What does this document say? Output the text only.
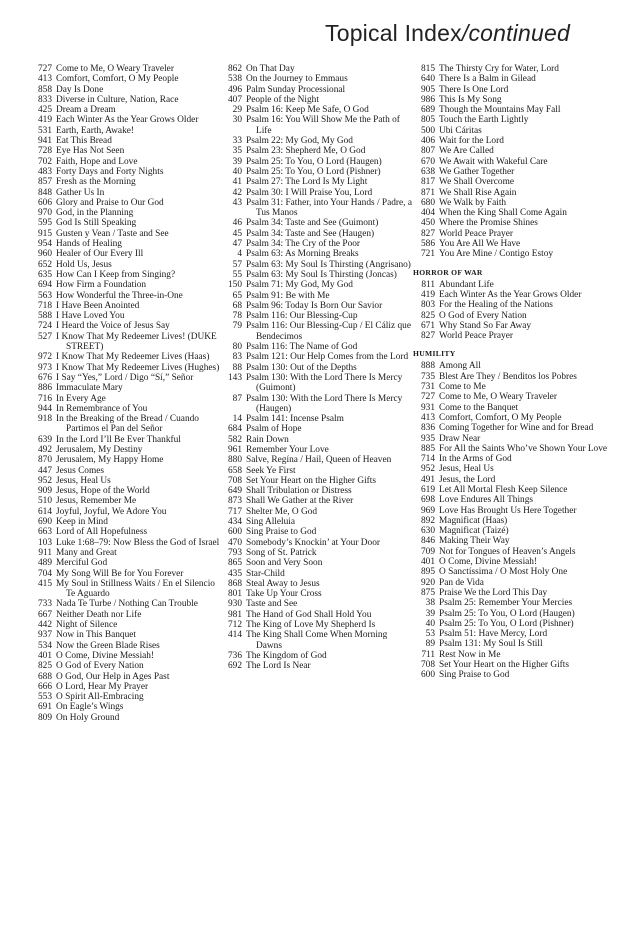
Topical Index/continued
727 Come to Me, O Weary Traveler
413 Comfort, Comfort, O My People
858 Day Is Done
833 Diverse in Culture, Nation, Race
425 Dream a Dream
419 Each Winter As the Year Grows Older
531 Earth, Earth, Awake!
941 Eat This Bread
728 Eye Has Not Seen
702 Faith, Hope and Love
483 Forty Days and Forty Nights
857 Fresh as the Morning
848 Gather Us In
606 Glory and Praise to Our God
970 God, in the Planning
595 God Is Still Speaking
915 Gusten y Vean / Taste and See
954 Hands of Healing
960 Healer of Our Every Ill
652 Hold Us, Jesus
635 How Can I Keep from Singing?
694 How Firm a Foundation
563 How Wonderful the Three-in-One
718 I Have Been Anointed
588 I Have Loved You
724 I Heard the Voice of Jesus Say
527 I Know That My Redeemer Lives! (DUKE STREET)
972 I Know That My Redeemer Lives (Haas)
973 I Know That My Redeemer Lives (Hughes)
676 I Say “Yes,” Lord / Digo “Sí,” Señor
886 Immaculate Mary
716 In Every Age
944 In Remembrance of You
918 In the Breaking of the Bread / Cuando Partimos el Pan del Señor
639 In the Lord I’ll Be Ever Thankful
492 Jerusalem, My Destiny
870 Jerusalem, My Happy Home
447 Jesus Comes
952 Jesus, Heal Us
909 Jesus, Hope of the World
510 Jesus, Remember Me
614 Joyful, Joyful, We Adore You
690 Keep in Mind
663 Lord of All Hopefulness
103 Luke 1:68–79: Now Bless the God of Israel
911 Many and Great
489 Merciful God
704 My Song Will Be for You Forever
415 My Soul in Stillness Waits / En el Silencio Te Aguardo
733 Nada Te Turbe / Nothing Can Trouble
667 Neither Death nor Life
442 Night of Silence
937 Now in This Banquet
534 Now the Green Blade Rises
401 O Come, Divine Messiah!
825 O God of Every Nation
688 O God, Our Help in Ages Past
666 O Lord, Hear My Prayer
553 O Spirit All-Embracing
691 On Eagle’s Wings
809 On Holy Ground
862 On That Day
538 On the Journey to Emmaus
496 Palm Sunday Processional
407 People of the Night
29 Psalm 16: Keep Me Safe, O God
30 Psalm 16: You Will Show Me the Path of Life
33 Psalm 22: My God, My God
35 Psalm 23: Shepherd Me, O God
39 Psalm 25: To You, O Lord (Haugen)
40 Psalm 25: To You, O Lord (Pishner)
41 Psalm 27: The Lord Is My Light
42 Psalm 30: I Will Praise You, Lord
43 Psalm 31: Father, into Your Hands / Padre, a Tus Manos
46 Psalm 34: Taste and See (Guimont)
45 Psalm 34: Taste and See (Haugen)
47 Psalm 34: The Cry of the Poor
4 Psalm 63: As Morning Breaks
57 Psalm 63: My Soul Is Thirsting (Angrisano)
55 Psalm 63: My Soul Is Thirsting (Joncas)
150 Psalm 71: My God, My God
65 Psalm 91: Be with Me
68 Psalm 96: Today Is Born Our Savior
78 Psalm 116: Our Blessing-Cup
79 Psalm 116: Our Blessing-Cup / El Cáliz que Bendecimos
80 Psalm 116: The Name of God
83 Psalm 121: Our Help Comes from the Lord
88 Psalm 130: Out of the Depths
143 Psalm 130: With the Lord There Is Mercy (Guimont)
87 Psalm 130: With the Lord There Is Mercy (Haugen)
14 Psalm 141: Incense Psalm
684 Psalm of Hope
582 Rain Down
961 Remember Your Love
880 Salve, Regína / Hail, Queen of Heaven
658 Seek Ye First
708 Set Your Heart on the Higher Gifts
649 Shall Tribulation or Distress
873 Shall We Gather at the River
717 Shelter Me, O God
434 Sing Alleluia
600 Sing Praise to God
470 Somebody’s Knockin’ at Your Door
793 Song of St. Patrick
865 Soon and Very Soon
435 Star-Child
868 Steal Away to Jesus
801 Take Up Your Cross
930 Taste and See
981 The Hand of God Shall Hold You
712 The King of Love My Shepherd Is
414 The King Shall Come When Morning Dawns
736 The Kingdom of God
692 The Lord Is Near
815 The Thirsty Cry for Water, Lord
640 There Is a Balm in Gilead
905 There Is One Lord
986 This Is My Song
689 Though the Mountains May Fall
805 Touch the Earth Lightly
500 Ubi Cáritas
406 Wait for the Lord
807 We Are Called
670 We Await with Wakeful Care
638 We Gather Together
817 We Shall Overcome
871 We Shall Rise Again
680 We Walk by Faith
404 When the King Shall Come Again
450 Where the Promise Shines
827 World Peace Prayer
586 You Are All We Have
721 You Are Mine / Contigo Estoy
HORROR OF WAR
811 Abundant Life
419 Each Winter As the Year Grows Older
803 For the Healing of the Nations
825 O God of Every Nation
671 Why Stand So Far Away
827 World Peace Prayer
HUMILITY
888 Among All
735 Blest Are They / Benditos los Pobres
731 Come to Me
727 Come to Me, O Weary Traveler
931 Come to the Banquet
413 Comfort, Comfort, O My People
836 Coming Together for Wine and for Bread
935 Draw Near
885 For All the Saints Who’ve Shown Your Love
714 In the Arms of God
952 Jesus, Heal Us
491 Jesus, the Lord
619 Let All Mortal Flesh Keep Silence
698 Love Endures All Things
969 Love Has Brought Us Here Together
892 Magnificat (Haas)
630 Magnificat (Taizé)
846 Making Their Way
709 Not for Tongues of Heaven’s Angels
401 O Come, Divine Messiah!
895 O Sanctíssima / O Most Holy One
920 Pan de Vida
875 Praise We the Lord This Day
38 Psalm 25: Remember Your Mercies
39 Psalm 25: To You, O Lord (Haugen)
40 Psalm 25: To You, O Lord (Pishner)
53 Psalm 51: Have Mercy, Lord
89 Psalm 131: My Soul Is Still
711 Rest Now in Me
708 Set Your Heart on the Higher Gifts
600 Sing Praise to God
